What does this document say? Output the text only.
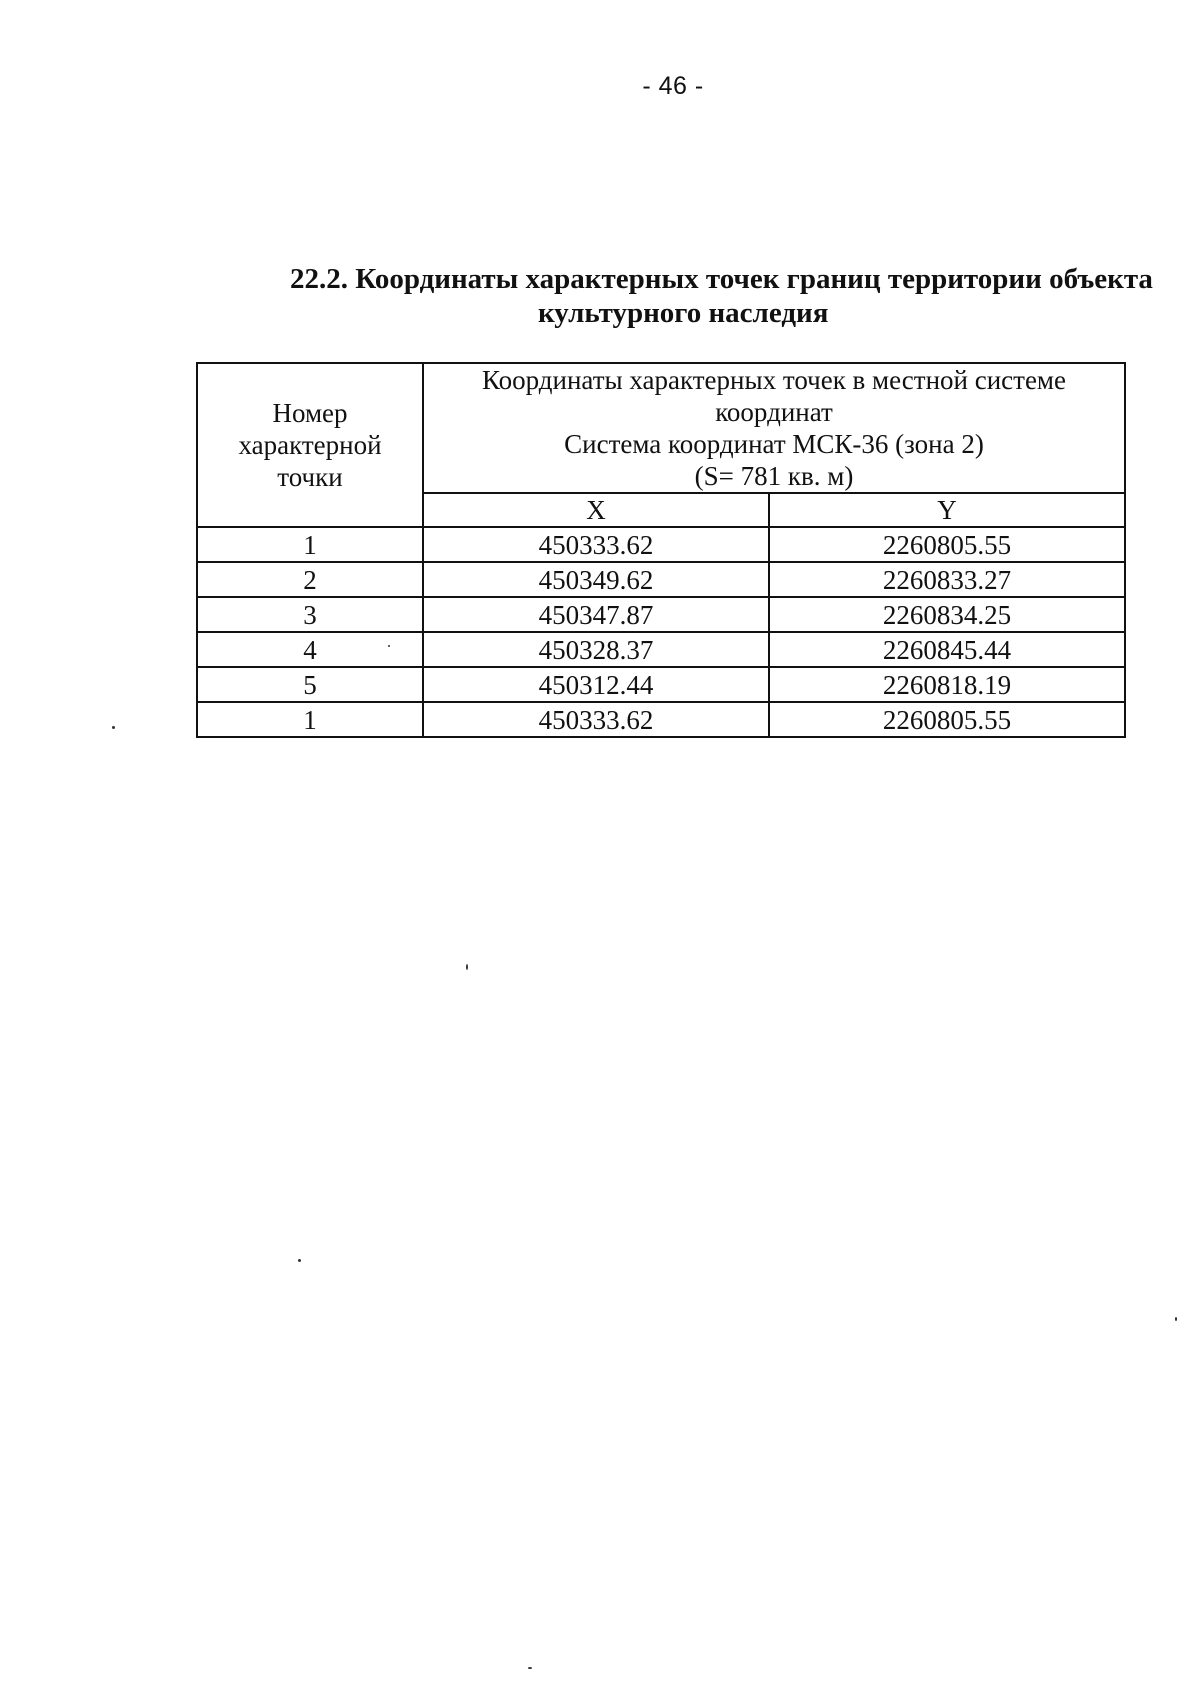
- 46 -
22.2. Координаты характерных точек границ территории объекта
культурного наследия
Номер
характерной
точки	Координаты характерных точек в местной системе
координат
Система координат МСК-36 (зона 2)
(S= 781 кв. м)	

	X	Y
1	450333.62	2260805.55
2	450349.62	2260833.27
3	450347.87	2260834.25
4	450328.37	2260845.44
5	450312.44	2260818.19
1	450333.62	2260805.55
